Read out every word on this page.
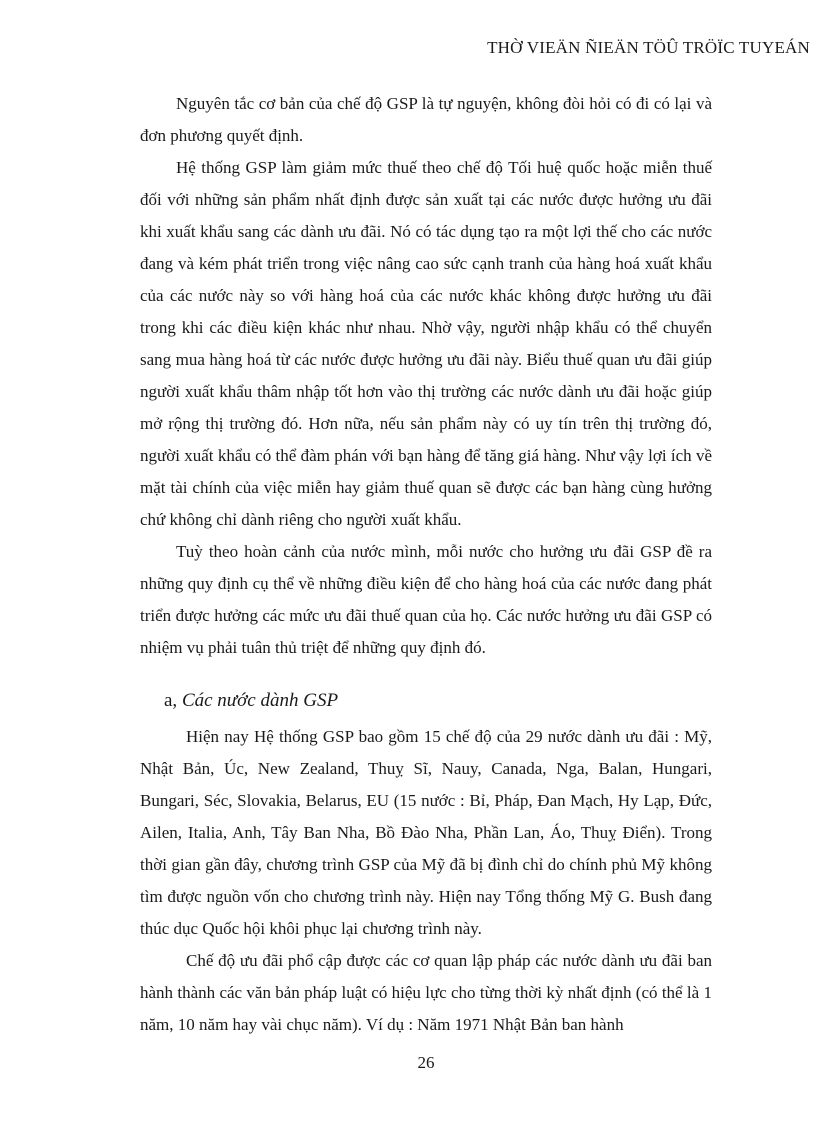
THỜ VIEÄN ÑIEÄN TÖÛ TRÖÏC TUYEÁN

Nguyên tắc cơ bản của chế độ GSP là tự nguyện, không đòi hỏi có đi có lại và đơn phương quyết định.

Hệ thống GSP làm giảm mức thuế theo chế độ Tối huệ quốc hoặc miễn thuế đối với những sản phẩm nhất định được sản xuất tại các nước được hưởng ưu đãi khi xuất khẩu sang các dành ưu đãi. Nó có tác dụng tạo ra một lợi thế cho các nước đang và kém phát triển trong việc nâng cao sức cạnh tranh của hàng hoá xuất khẩu của các nước này so với hàng hoá của các nước khác không được hưởng ưu đãi trong khi các điều kiện khác như nhau. Nhờ vậy, người nhập khẩu có thể chuyển sang mua hàng hoá từ các nước được hưởng ưu đãi này. Biểu thuế quan ưu đãi giúp người xuất khẩu thâm nhập tốt hơn vào thị trường các nước dành ưu đãi hoặc giúp mở rộng thị trường đó. Hơn nữa, nếu sản phẩm này có uy tín trên thị trường đó, người xuất khẩu có thể đàm phán với bạn hàng để tăng giá hàng. Như vậy lợi ích về mặt tài chính của việc miễn hay giảm thuế quan sẽ được các bạn hàng cùng hưởng chứ không chỉ dành riêng cho người xuất khẩu.

Tuỳ theo hoàn cảnh của nước mình, mỗi nước cho hưởng ưu đãi GSP đề ra những quy định cụ thể về những điều kiện để cho hàng hoá của các nước đang phát triển được hưởng các mức ưu đãi thuế quan của họ. Các nước hưởng ưu đãi GSP có nhiệm vụ phải tuân thủ triệt để những quy định đó.

a, Các nước dành GSP

Hiện nay Hệ thống GSP bao gồm 15 chế độ của 29 nước dành ưu đãi : Mỹ, Nhật Bản, Úc, New Zealand, Thuỵ Sĩ, Nauy, Canada, Nga, Balan, Hungari, Bungari, Séc, Slovakia, Belarus, EU (15 nước : Bỉ, Pháp, Đan Mạch, Hy Lạp, Đức, Ailen, Italia, Anh, Tây Ban Nha, Bồ Đào Nha, Phần Lan, Áo, Thuỵ Điển). Trong thời gian gần đây, chương trình GSP của Mỹ đã bị đình chỉ do chính phủ Mỹ không tìm được nguồn vốn cho chương trình này. Hiện nay Tổng thống Mỹ G. Bush đang thúc dục Quốc hội khôi phục lại chương trình này.

Chế độ ưu đãi phổ cập được các cơ quan lập pháp các nước dành ưu đãi ban hành thành các văn bản pháp luật có hiệu lực cho từng thời kỳ nhất định (có thể là 1 năm, 10 năm hay vài chục năm). Ví dụ : Năm 1971 Nhật Bản ban hành

26
